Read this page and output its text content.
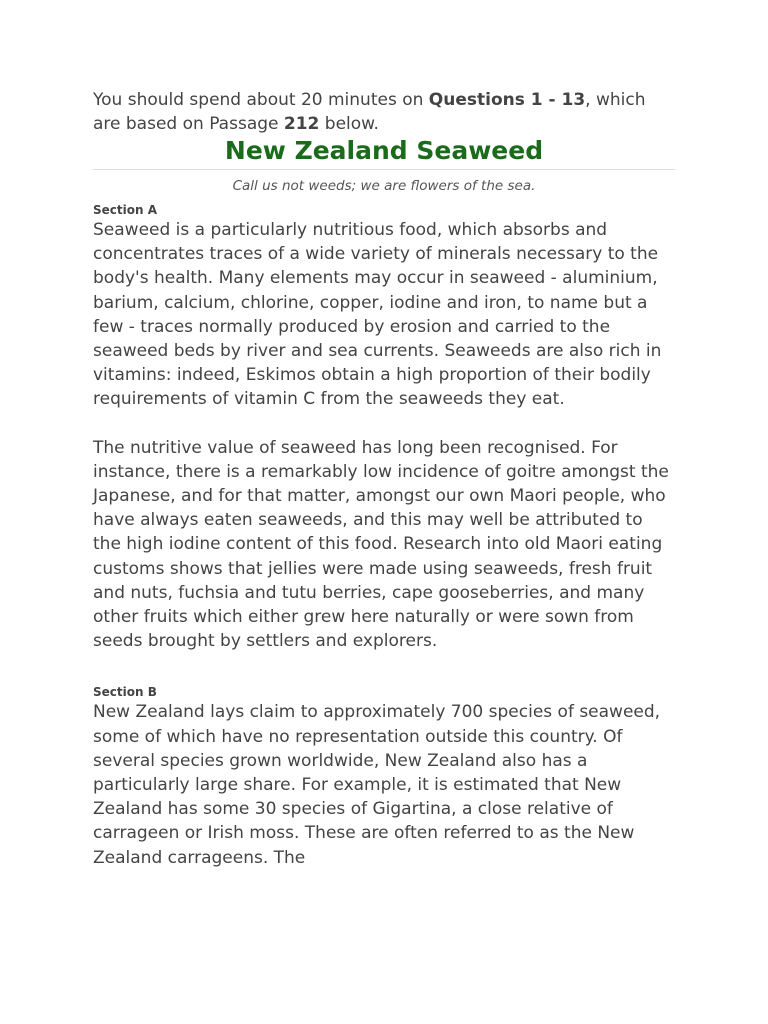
You should spend about 20 minutes on Questions 1 - 13, which are based on Passage 212 below.

New Zealand Seaweed

Call us not weeds; we are flowers of the sea.

Section A

Seaweed is a particularly nutritious food, which absorbs and concentrates traces of a wide variety of minerals necessary to the body's health. Many elements may occur in seaweed - aluminium, barium, calcium, chlorine, copper, iodine and iron, to name but a few - traces normally produced by erosion and carried to the seaweed beds by river and sea currents. Seaweeds are also rich in vitamins: indeed, Eskimos obtain a high proportion of their bodily requirements of vitamin C from the seaweeds they eat.

The nutritive value of seaweed has long been recognised. For instance, there is a remarkably low incidence of goitre amongst the Japanese, and for that matter, amongst our own Maori people, who have always eaten seaweeds, and this may well be attributed to the high iodine content of this food. Research into old Maori eating customs shows that jellies were made using seaweeds, fresh fruit and nuts, fuchsia and tutu berries, cape gooseberries, and many other fruits which either grew here naturally or were sown from seeds brought by settlers and explorers.

Section B

New Zealand lays claim to approximately 700 species of seaweed, some of which have no representation outside this country. Of several species grown worldwide, New Zealand also has a particularly large share. For example, it is estimated that New Zealand has some 30 species of Gigartina, a close relative of carrageen or Irish moss. These are often referred to as the New Zealand carrageens. The
